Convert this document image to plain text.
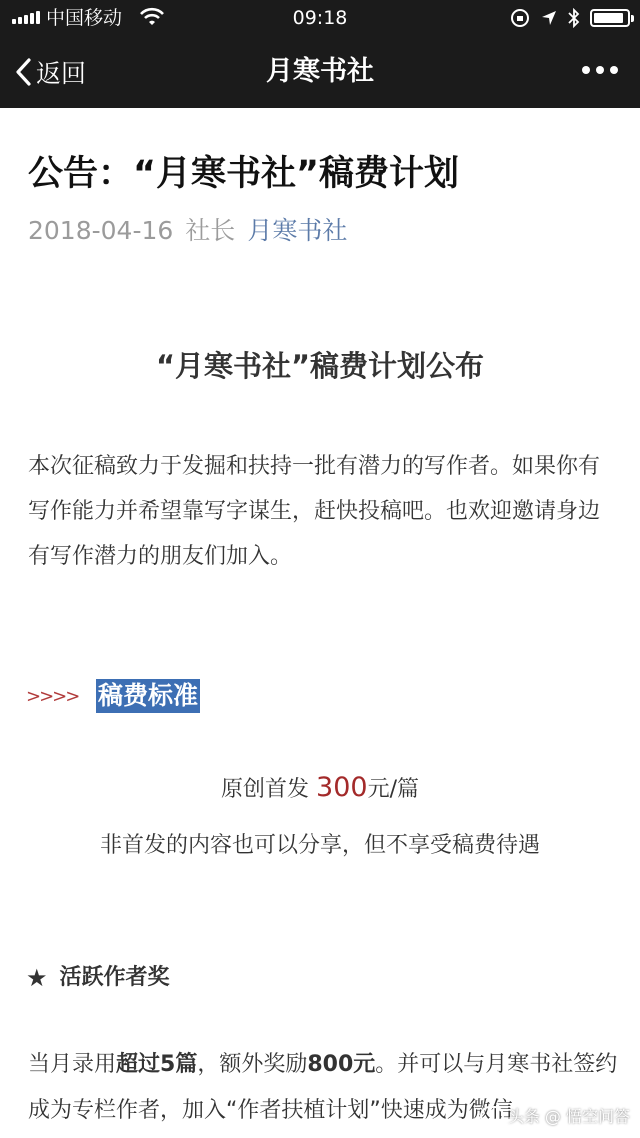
中国移动	09:18
返回	月寒书社
公告：“月寒书社”稿费计划
2018-04-16 社长 月寒书社
“月寒书社”稿费计划公布

本次征稿致力于发掘和扶持一批有潜力的写作者。如果你有写作能力并希望靠写字谋生，赶快投稿吧。也欢迎邀请身边有写作潜力的朋友们加入。

>>>> 稿费标准
原创首发 300元/篇
非首发的内容也可以分享，但不享受稿费待遇
★ 活跃作者奖

当月录用超过5篇，额外奖励800元。并可以与月寒书社签约成为专栏作者，加入“作者扶植计划”快速成为微信

头条 @ 悟空问答
